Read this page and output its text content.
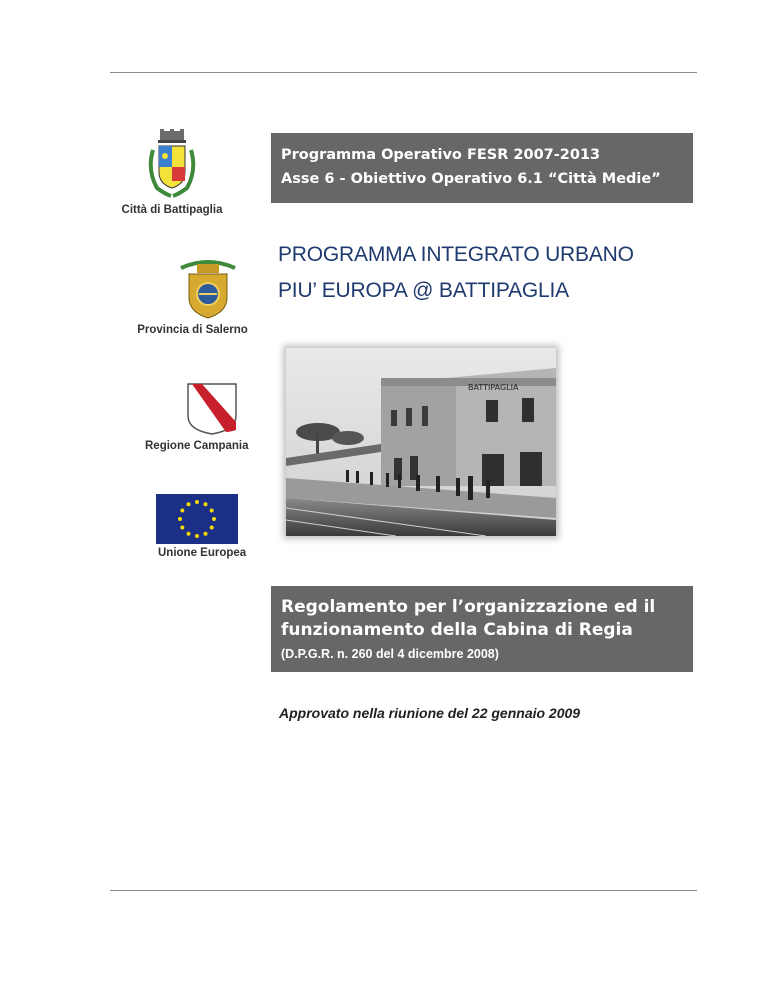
Città di Battipaglia
Provincia di Salerno
Regione Campania
Unione Europea
Programma Operativo FESR 2007-2013
Asse 6 - Obiettivo Operativo 6.1 “Città Medie”
PROGRAMMA INTEGRATO URBANO
PIU’ EUROPA @ BATTIPAGLIA
BATTIPAGLIA
Regolamento per l’organizzazione ed il
funzionamento della Cabina di Regia
(D.P.G.R. n. 260 del 4 dicembre 2008)
Approvato nella riunione del 22 gennaio 2009
